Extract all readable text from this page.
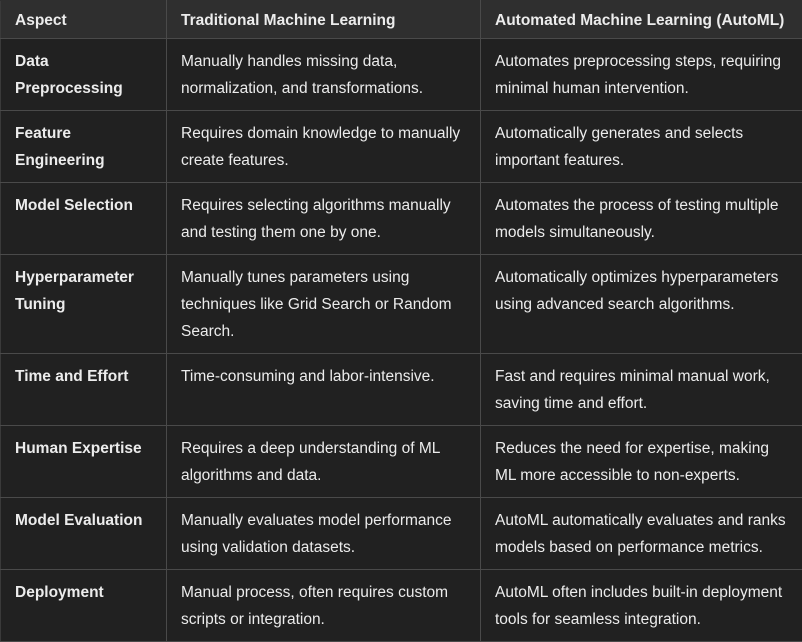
Aspect	Traditional Machine Learning	Automated Machine Learning (AutoML)
Data Preprocessing	Manually handles missing data, normalization, and transformations.	Automates preprocessing steps, requiring minimal human intervention.
Feature Engineering	Requires domain knowledge to manually create features.	Automatically generates and selects important features.
Model Selection	Requires selecting algorithms manually and testing them one by one.	Automates the process of testing multiple models simultaneously.
Hyperparameter Tuning	Manually tunes parameters using techniques like Grid Search or Random Search.	Automatically optimizes hyperparameters using advanced search algorithms.
Time and Effort	Time-consuming and labor-intensive.	Fast and requires minimal manual work, saving time and effort.
Human Expertise	Requires a deep understanding of ML algorithms and data.	Reduces the need for expertise, making ML more accessible to non-experts.
Model Evaluation	Manually evaluates model performance using validation datasets.	AutoML automatically evaluates and ranks models based on performance metrics.
Deployment	Manual process, often requires custom scripts or integration.	AutoML often includes built-in deployment tools for seamless integration.
